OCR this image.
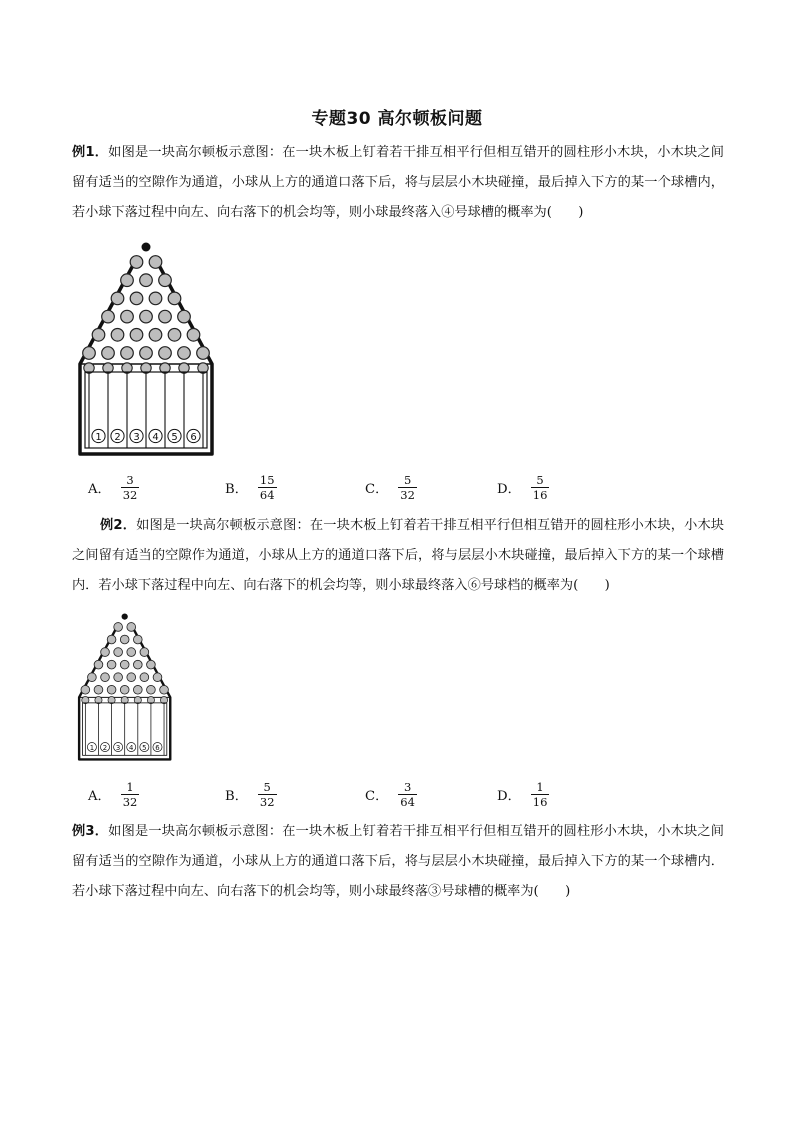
专题30 高尔顿板问题

例1．如图是一块高尔顿板示意图：在一块木板上钉着若干排互相平行但相互错开的圆柱形小木块，小木块之间留有适当的空隙作为通道，小球从上方的通道口落下后，将与层层小木块碰撞，最后掉入下方的某一个球槽内，若小球下落过程中向左、向右落下的机会均等，则小球最终落入④号球槽的概率为(　　)

1 2 3 4 5 6
A． $\frac{3}{32}$	B． $\frac{15}{64}$	C． $\frac{5}{32}$	D． $\frac{5}{16}$

例2．如图是一块高尔顿板示意图：在一块木板上钉着若干排互相平行但相互错开的圆柱形小木块，小木块之间留有适当的空隙作为通道，小球从上方的通道口落下后，将与层层小木块碰撞，最后掉入下方的某一个球槽内．若小球下落过程中向左、向右落下的机会均等，则小球最终落入⑥号球档的概率为(　　)

1 2 3 4 5 6
A． $\frac{1}{32}$	B． $\frac{5}{32}$	C． $\frac{3}{64}$	D． $\frac{1}{16}$

例3．如图是一块高尔顿板示意图：在一块木板上钉着若干排互相平行但相互错开的圆柱形小木块，小木块之间留有适当的空隙作为通道，小球从上方的通道口落下后，将与层层小木块碰撞，最后掉入下方的某一个球槽内．若小球下落过程中向左、向右落下的机会均等，则小球最终落③号球槽的概率为(　　)
